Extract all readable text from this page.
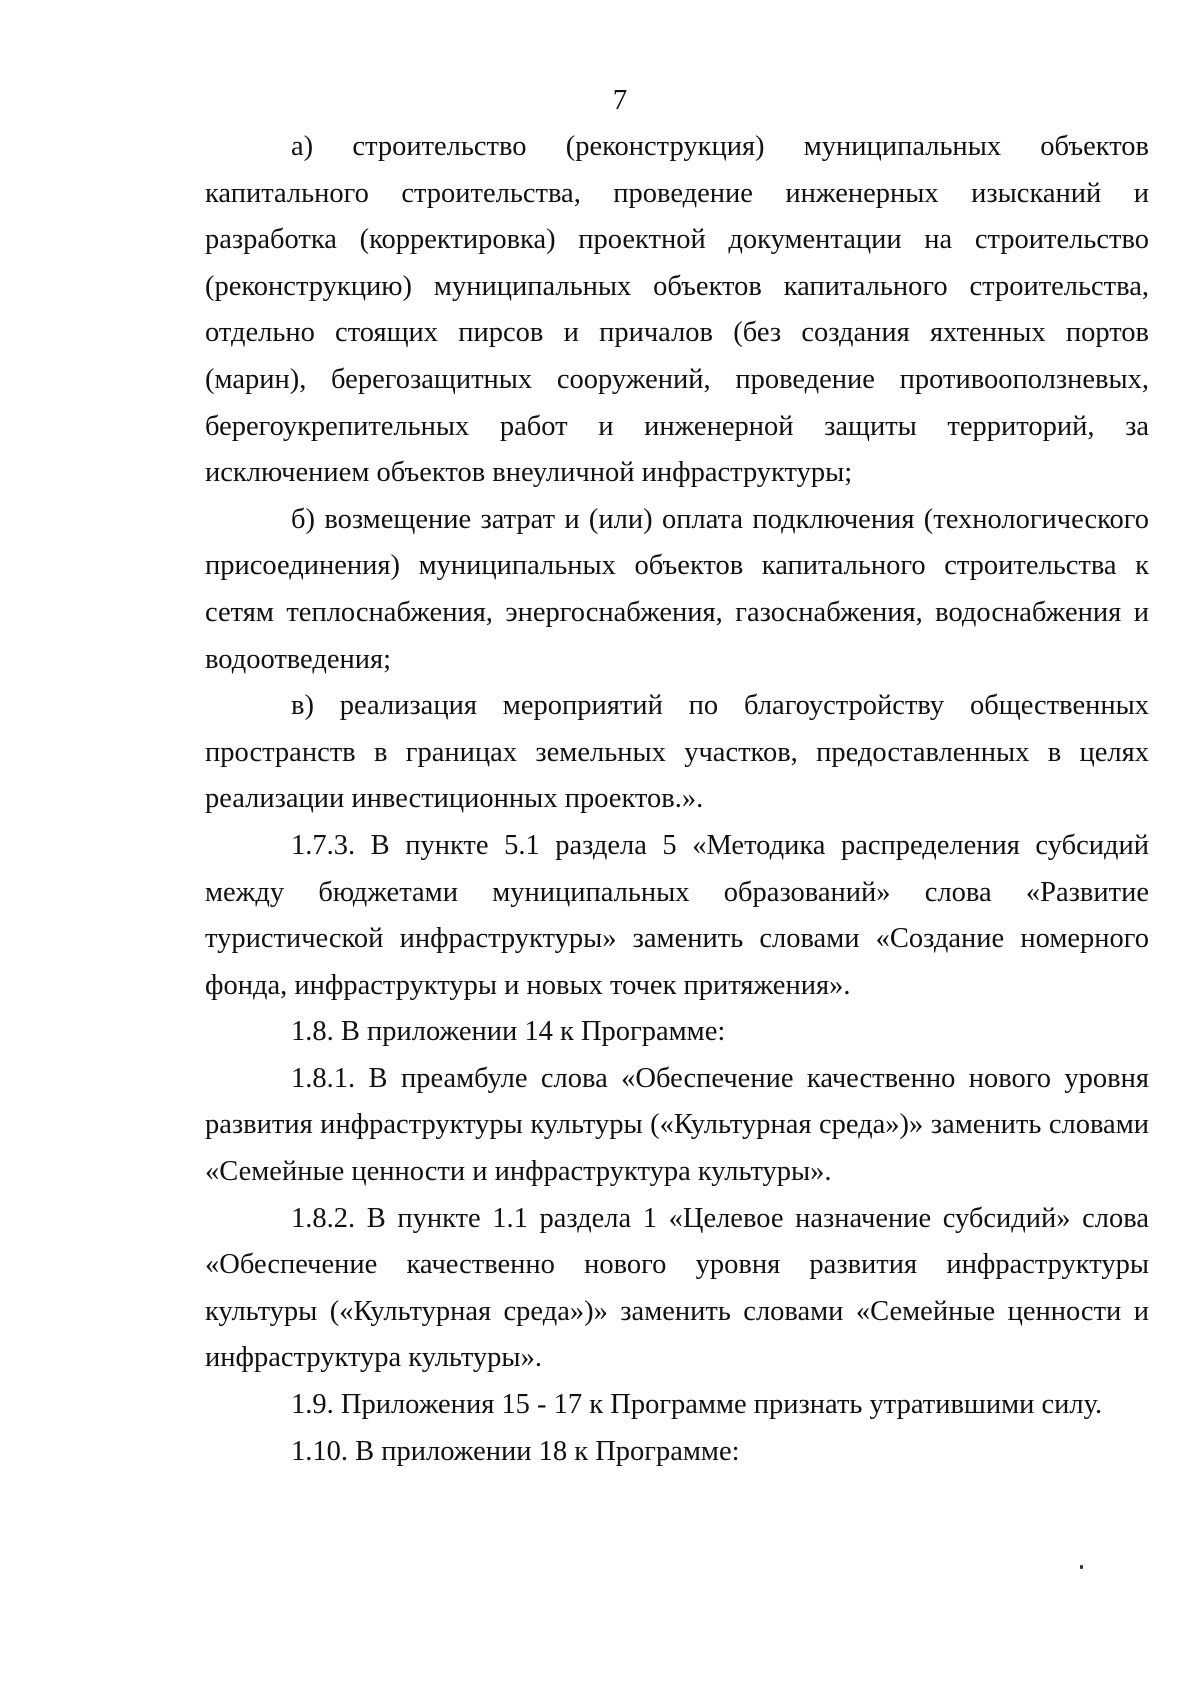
7

а) строительство (реконструкция) муниципальных объектов капитального строительства, проведение инженерных изысканий и разработка (корректировка) проектной документации на строительство (реконструкцию) муниципальных объектов капитального строительства, отдельно стоящих пирсов и причалов (без создания яхтенных портов (марин), берегозащитных сооружений, проведение противооползневых, берегоукрепительных работ и инженерной защиты территорий, за исключением объектов внеуличной инфраструктуры;

б) возмещение затрат и (или) оплата подключения (технологического присоединения) муниципальных объектов капитального строительства к сетям теплоснабжения, энергоснабжения, газоснабжения, водоснабжения и водоотведения;

в) реализация мероприятий по благоустройству общественных пространств в границах земельных участков, предоставленных в целях реализации инвестиционных проектов.».

1.7.3. В пункте 5.1 раздела 5 «Методика распределения субсидий между бюджетами муниципальных образований» слова «Развитие туристической инфраструктуры» заменить словами «Создание номерного фонда, инфраструктуры и новых точек притяжения».

1.8. В приложении 14 к Программе:

1.8.1. В преамбуле слова «Обеспечение качественно нового уровня развития инфраструктуры культуры («Культурная среда»)» заменить словами «Семейные ценности и инфраструктура культуры».

1.8.2. В пункте 1.1 раздела 1 «Целевое назначение субсидий» слова «Обеспечение качественно нового уровня развития инфраструктуры культуры («Культурная среда»)» заменить словами «Семейные ценности и инфраструктура культуры».

1.9. Приложения 15 - 17 к Программе признать утратившими силу.

1.10. В приложении 18 к Программе:
